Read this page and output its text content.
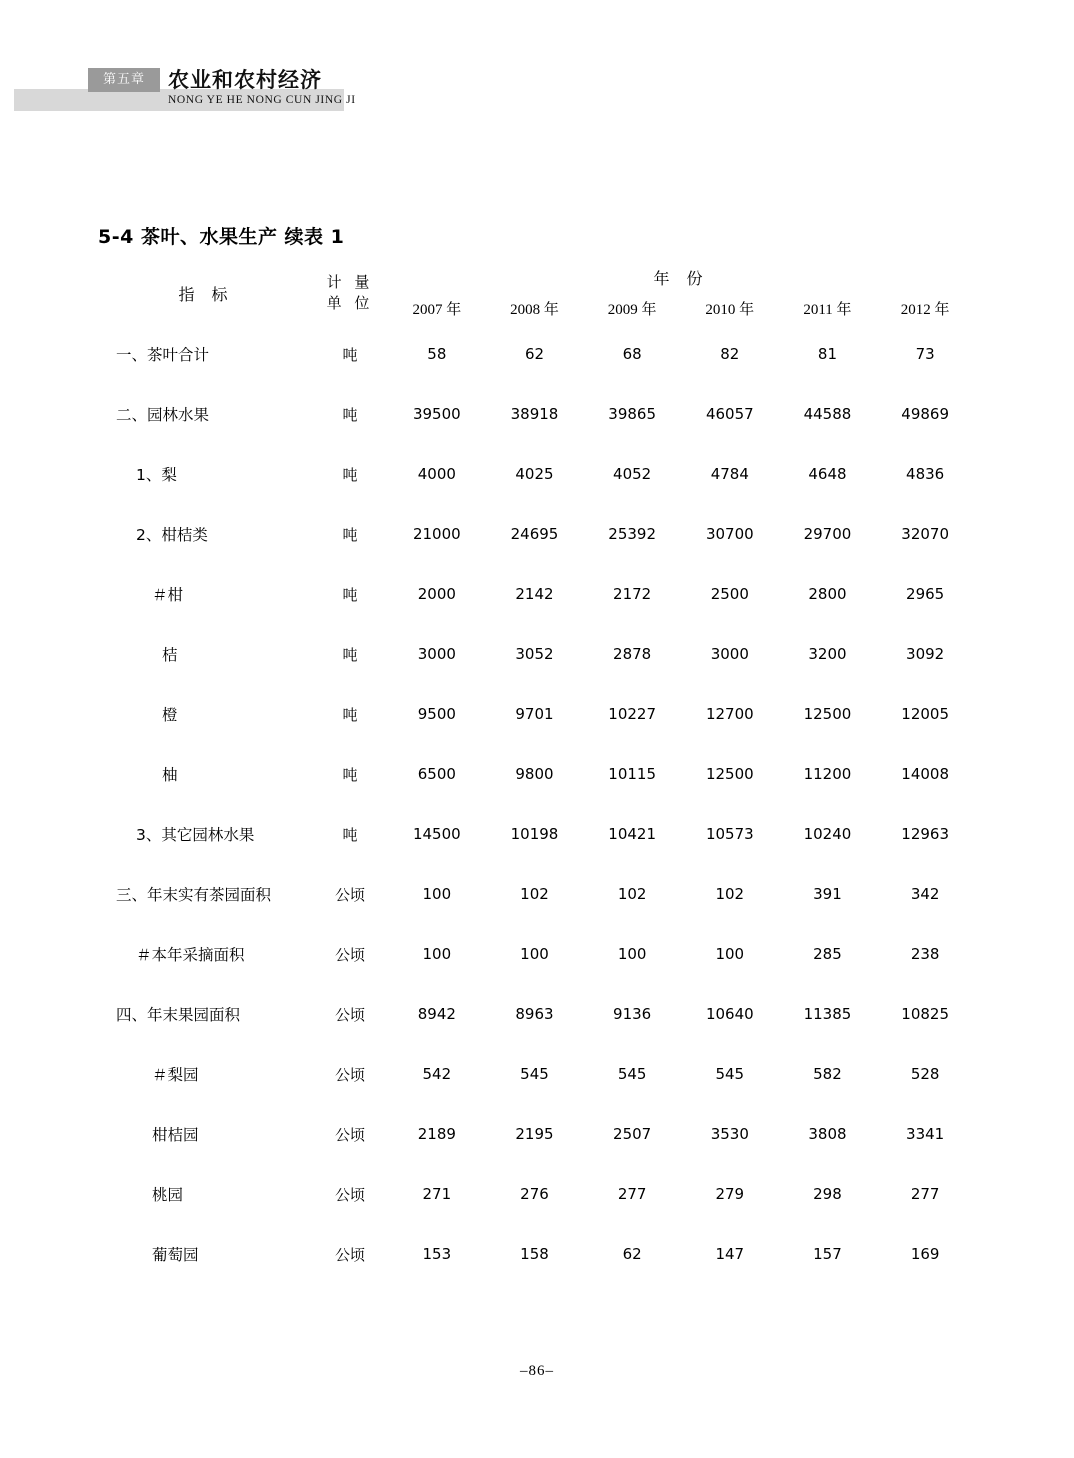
第五章	农业和农村经济
NONG YE HE NONG CUN JING JI
5-4 茶叶、水果生产 续表 1
指 标	计 量
单 位	年 份					
		2007 年	2008 年	2009 年	2010 年	2011 年	2012 年

一、茶叶合计	吨	58	62	68	82	81	73

二、园林水果	吨	39500	38918	39865	46057	44588	49869

1、梨	吨	4000	4025	4052	4784	4648	4836

2、柑桔类	吨	21000	24695	25392	30700	29700	32070

＃柑	吨	2000	2142	2172	2500	2800	2965

桔	吨	3000	3052	2878	3000	3200	3092

橙	吨	9500	9701	10227	12700	12500	12005

柚	吨	6500	9800	10115	12500	11200	14008

3、其它园林水果	吨	14500	10198	10421	10573	10240	12963

三、年末实有茶园面积	公顷	100	102	102	102	391	342

＃本年采摘面积	公顷	100	100	100	100	285	238

四、年末果园面积	公顷	8942	8963	9136	10640	11385	10825

＃梨园	公顷	542	545	545	545	582	528

柑桔园	公顷	2189	2195	2507	3530	3808	3341

桃园	公顷	271	276	277	279	298	277

葡萄园	公顷	153	158	62	147	157	169
–86–
